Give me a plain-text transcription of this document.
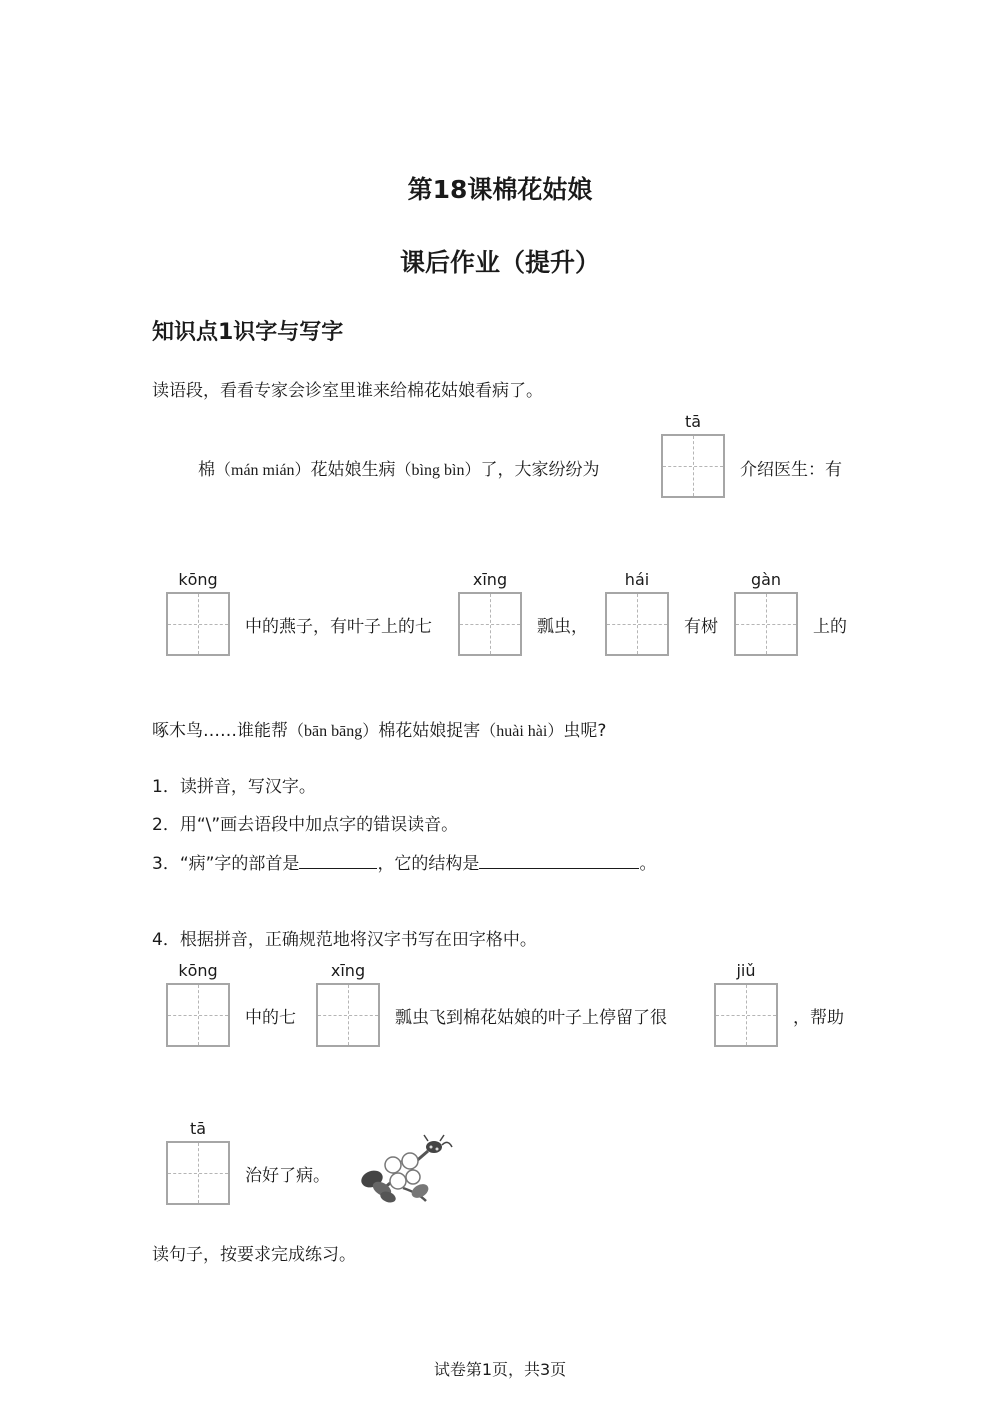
第18课棉花姑娘
课后作业（提升）
知识点1识字与写字
读语段，看看专家会诊室里谁来给棉花姑娘看病了。
棉（mán mián）花姑娘生病（bìng bìn）了，大家纷纷为
tā
介绍医生：有
kōng
中的燕子，有叶子上的七
xīng
瓢虫，
hái
有树
gàn
上的
啄木鸟……谁能帮（bān bāng）棉花姑娘捉害（huài hài）虫呢?
1．读拼音，写汉字。
2．用“\”画去语段中加点字的错误读音。
3．“病”字的部首是	，它的结构是	。
4．根据拼音，正确规范地将汉字书写在田字格中。
kōng
中的七
xīng
瓢虫飞到棉花姑娘的叶子上停留了很
jiǔ
，帮助
tā
治好了病。
读句子，按要求完成练习。
试卷第1页，共3页
